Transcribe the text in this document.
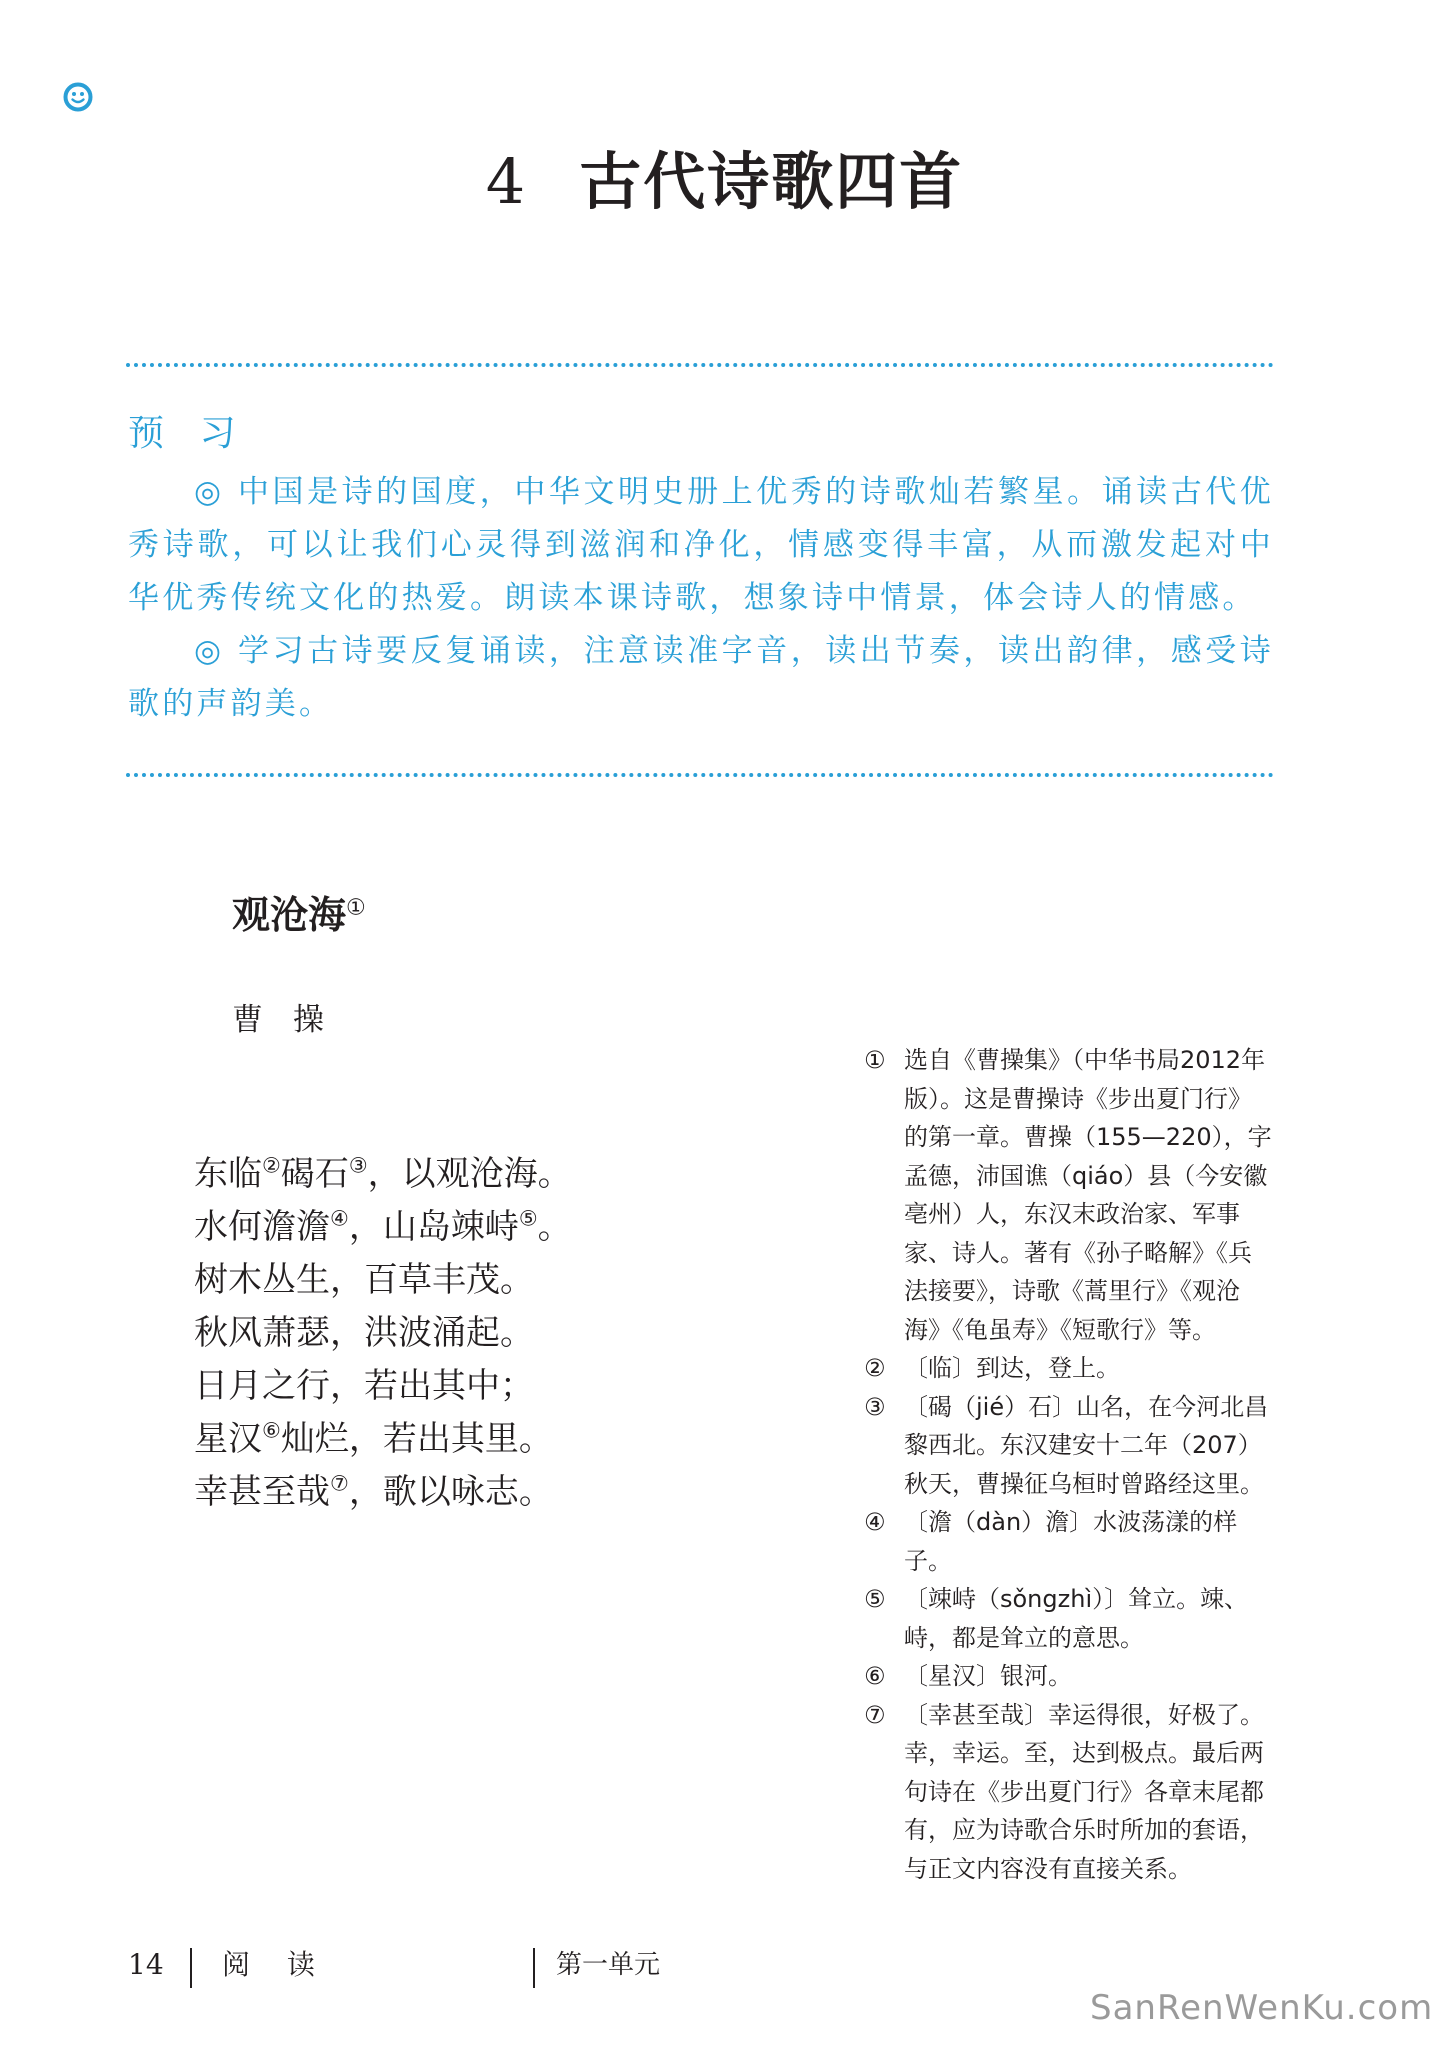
4 古代诗歌四首
预 习

◎ 中国是诗的国度，中华文明史册上优秀的诗歌灿若繁星。诵读古代优秀诗歌，可以让我们心灵得到滋润和净化，情感变得丰富，从而激发起对中华优秀传统文化的热爱。朗读本课诗歌，想象诗中情景，体会诗人的情感。

◎ 学习古诗要反复诵读，注意读准字音，读出节奏，读出韵律，感受诗歌的声韵美。

观沧海①
曹操
东临②碣石③，以观沧海。
水何澹澹④，山岛竦峙⑤。
树木丛生，百草丰茂。
秋风萧瑟，洪波涌起。
日月之行，若出其中；
星汉⑥灿烂，若出其里。
幸甚至哉⑦，歌以咏志。
① 选自《曹操集》（中华书局2012年版）。这是曹操诗《步出夏门行》的第一章。曹操（155—220），字孟德，沛国谯（qiáo）县（今安徽亳州）人，东汉末政治家、军事家、诗人。著有《孙子略解》《兵法接要》，诗歌《蒿里行》《观沧海》《龟虽寿》《短歌行》等。
② 〔临〕到达，登上。
③ 〔碣（jié）石〕山名，在今河北昌黎西北。东汉建安十二年（207）秋天，曹操征乌桓时曾路经这里。
④ 〔澹（dàn）澹〕水波荡漾的样子。
⑤ 〔竦峙（sǒngzhì）〕耸立。竦、峙，都是耸立的意思。
⑥ 〔星汉〕银河。
⑦ 〔幸甚至哉〕幸运得很，好极了。幸，幸运。至，达到极点。最后两句诗在《步出夏门行》各章末尾都有，应为诗歌合乐时所加的套语，与正文内容没有直接关系。
14 阅 读	第一单元
SanRenWenKu.com
